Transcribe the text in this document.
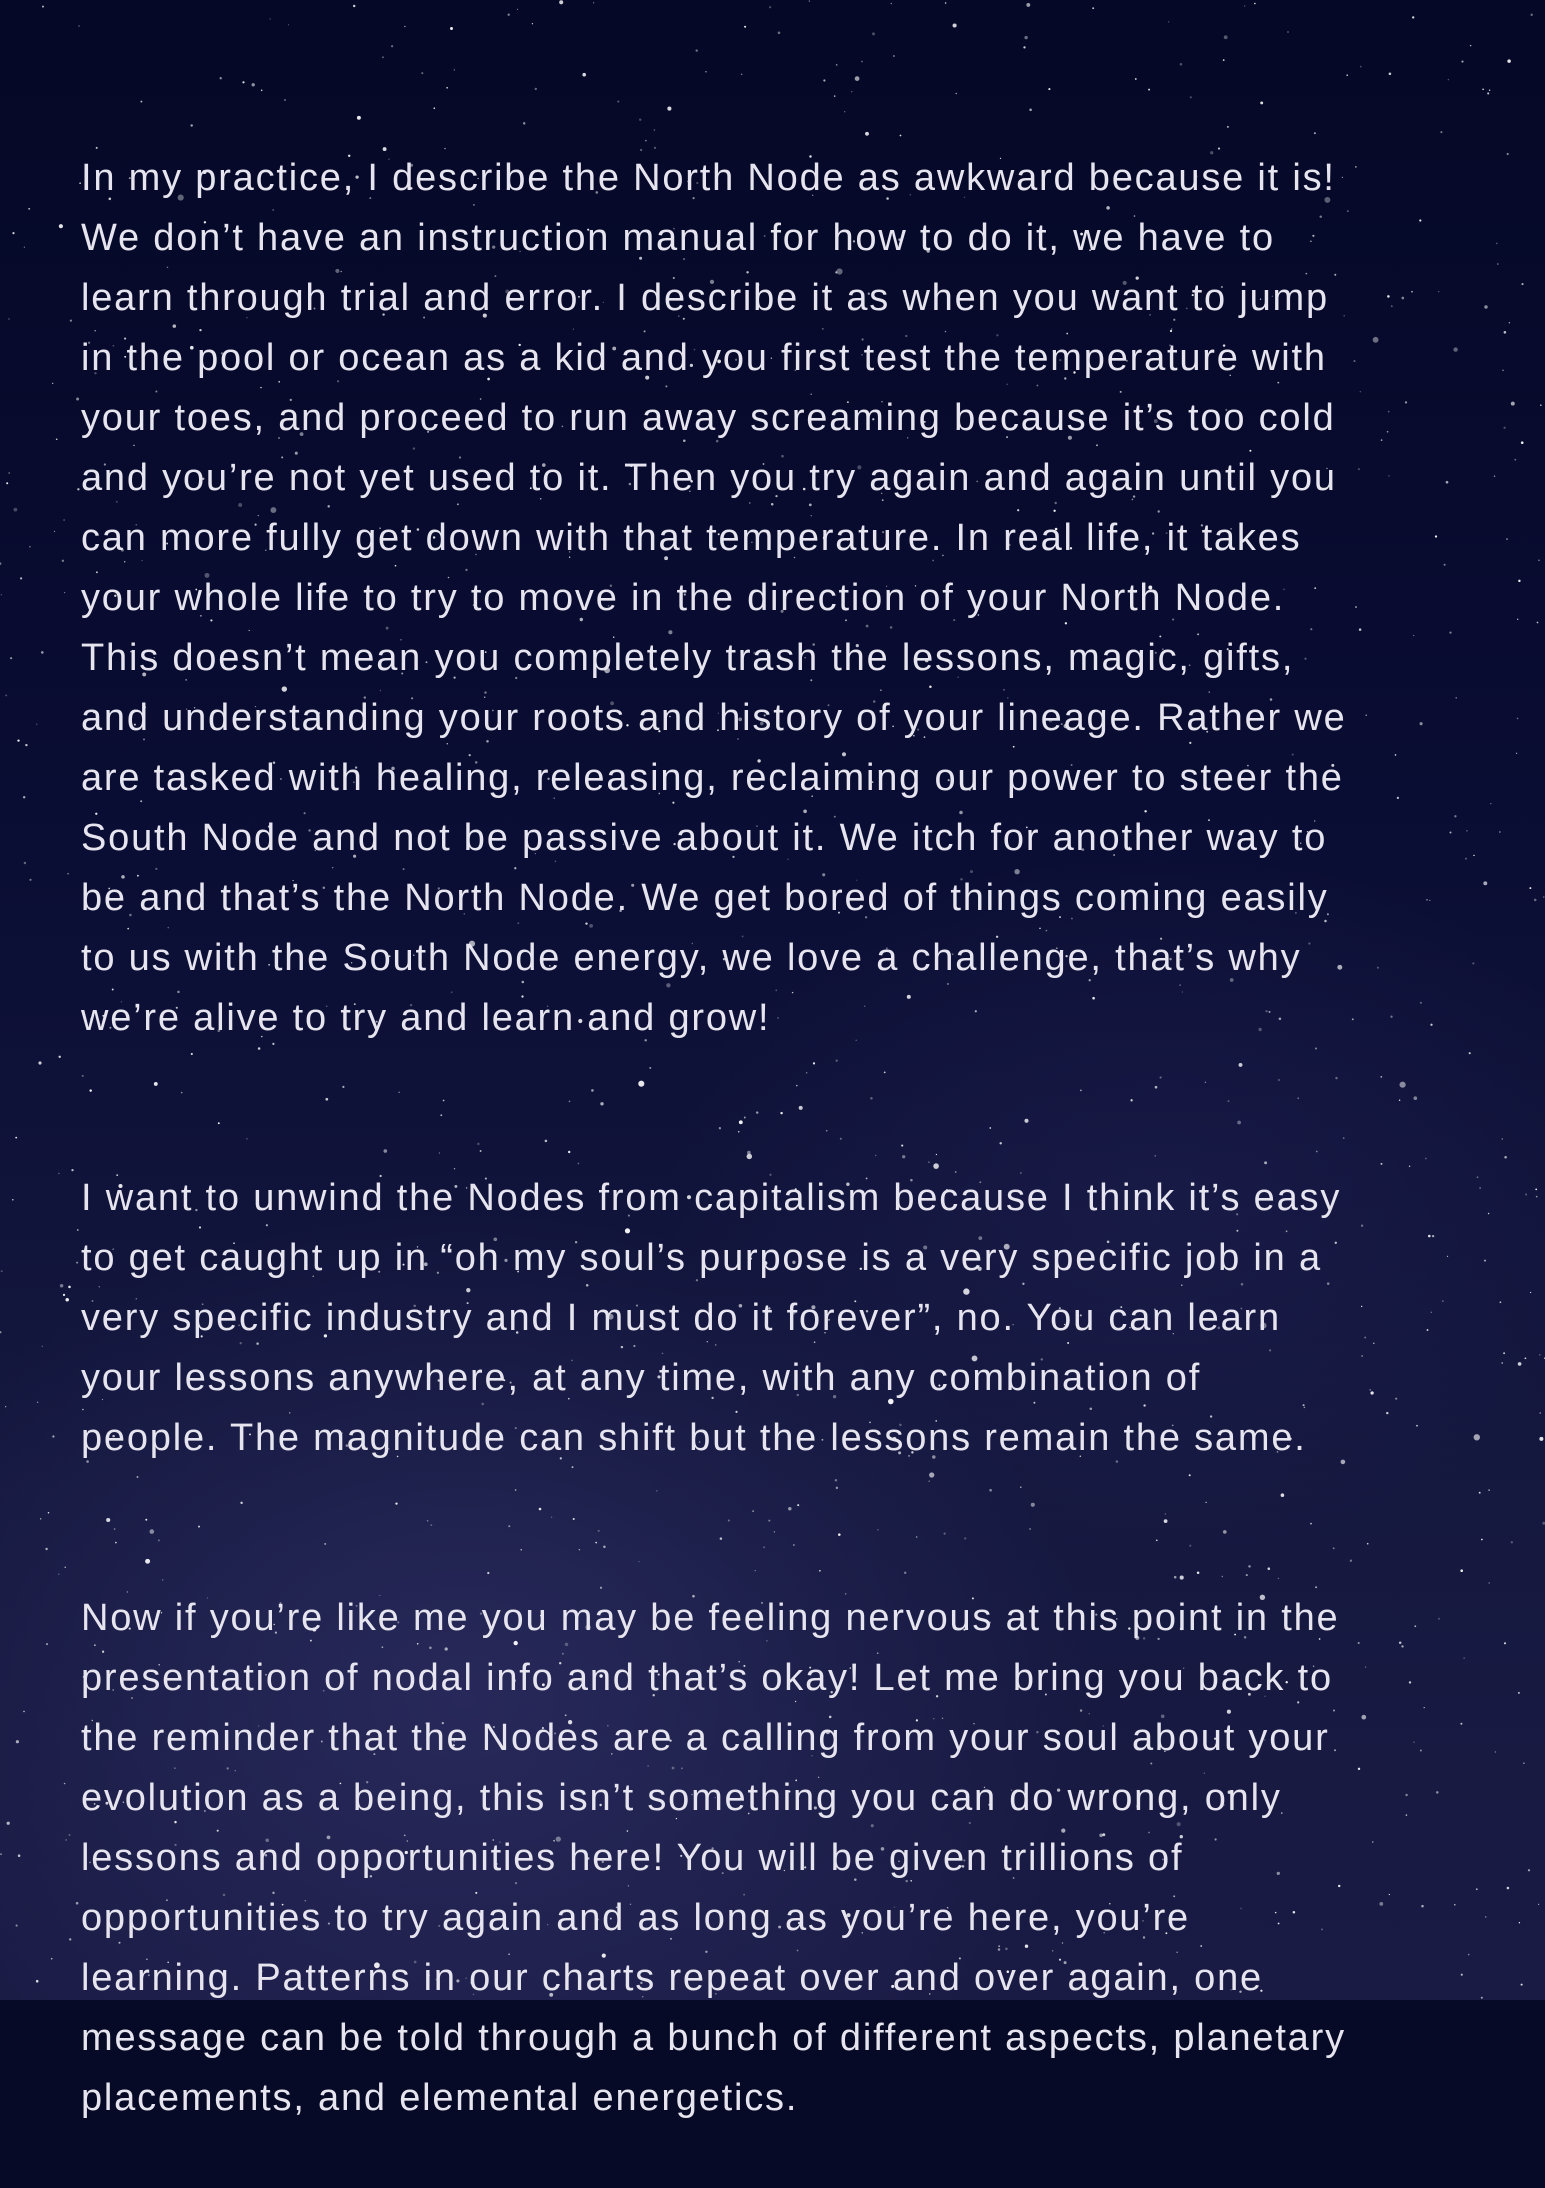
In my practice, I describe the North Node as awkward because it is!
We don’t have an instruction manual for how to do it, we have to
learn through trial and error. I describe it as when you want to jump
in the pool or ocean as a kid and you first test the temperature with
your toes, and proceed to run away screaming because it’s too cold
and you’re not yet used to it. Then you try again and again until you
can more fully get down with that temperature. In real life, it takes
your whole life to try to move in the direction of your North Node.
This doesn’t mean you completely trash the lessons, magic, gifts,
and understanding your roots and history of your lineage. Rather we
are tasked with healing, releasing, reclaiming our power to steer the
South Node and not be passive about it. We itch for another way to
be and that’s the North Node. We get bored of things coming easily
to us with the South Node energy, we love a challenge, that’s why
we’re alive to try and learn and grow!

I want to unwind the Nodes from capitalism because I think it’s easy
to get caught up in “oh my soul’s purpose is a very specific job in a
very specific industry and I must do it forever”, no. You can learn
your lessons anywhere, at any time, with any combination of
people. The magnitude can shift but the lessons remain the same.

Now if you’re like me you may be feeling nervous at this point in the
presentation of nodal info and that’s okay! Let me bring you back to
the reminder that the Nodes are a calling from your soul about your
evolution as a being, this isn’t something you can do wrong, only
lessons and opportunities here! You will be given trillions of
opportunities to try again and as long as you’re here, you’re
learning. Patterns in our charts repeat over and over again, one
message can be told through a bunch of different aspects, planetary
placements, and elemental energetics.
